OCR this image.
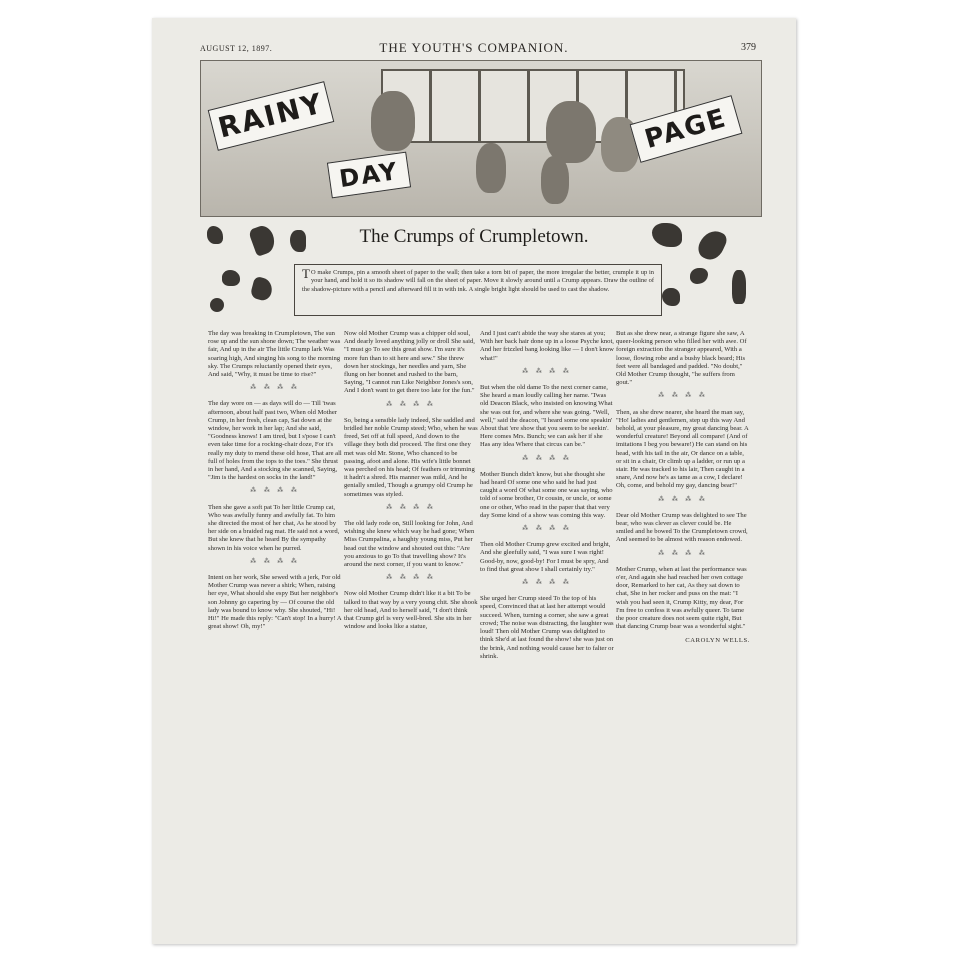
AUGUST 12, 1897.	THE YOUTH'S COMPANION.	379
RAINY
DAY
PAGE
The Crumps of Crumpletown.
T O make Crumps, pin a smooth sheet of paper to the wall; then take a torn bit of paper, the more irregular the better, crumple it up in your hand, and hold it so its shadow will fall on the sheet of paper. Move it slowly around until a Crump appears. Draw the outline of the shadow-picture with a pencil and afterward fill it in with ink. A single bright light should be used to cast the shadow.

The day was breaking in Crumpletown, The sun rose up and the sun shone down; The weather was fair, And up in the air The little Crump lark Was soaring high, And singing his song to the morning sky. The Crumps reluctantly opened their eyes, And said, "Why, it must be time to rise?"

⁂ ⁂ ⁂ ⁂

The day wore on — as days will do — Till 'twas afternoon, about half past two, When old Mother Crump, in her fresh, clean cap, Sat down at the window, her work in her lap; And she said, "Goodness knows! I am tired, but I s'pose I can't even take time for a rocking-chair doze, For it's really my duty to mend these old hose, That are all full of holes from the tops to the toes." She thrust in her hand, And a stocking she scanned, Saying, "Jim is the hardest on socks in the land!"

⁂ ⁂ ⁂ ⁂

Then she gave a soft pat To her little Crump cat, Who was awfully funny and awfully fat. To him she directed the most of her chat, As he stood by her side on a braided rag mat. He said not a word, But she knew that he heard By the sympathy shown in his voice when he purred.

⁂ ⁂ ⁂ ⁂

Intent on her work, She sewed with a jerk, For old Mother Crump was never a shirk; When, raising her eye, What should she espy But her neighbor's son Johnny go capering by — Of course the old lady was bound to know why. She shouted, "Hi! Hi!" He made this reply: "Can't stop! In a hurry! A great show! Oh, my!"

Now old Mother Crump was a chipper old soul, And dearly loved anything jolly or droll She said, "I must go To see this great show. I'm sure it's more fun than to sit here and sew." She threw down her stockings, her needles and yarn, She flung on her bonnet and rushed to the barn, Saying, "I cannot run Like Neighbor Jones's son, And I don't want to get there too late for the fun."

⁂ ⁂ ⁂ ⁂

So, being a sensible lady indeed, She saddled and bridled her noble Crump steed; Who, when he was freed, Set off at full speed, And down to the village they both did proceed. The first one they met was old Mr. Stone, Who chanced to be passing, afoot and alone. His wife's little bonnet was perched on his head; Of feathers or trimming it hadn't a shred. His manner was mild, And he genially smiled, Though a grumpy old Crump he sometimes was styled.

⁂ ⁂ ⁂ ⁂

The old lady rode on, Still looking for John, And wishing she knew which way he had gone; When Miss Crumpalina, a haughty young miss, Put her head out the window and shouted out this: "Are you anxious to go To that travelling show? It's around the next corner, if you want to know."

⁂ ⁂ ⁂ ⁂

Now old Mother Crump didn't like it a bit To be talked to that way by a very young chit. She shook her old head, And to herself said, "I don't think that Crump girl is very well-bred. She sits in her window and looks like a statue,

And I just can't abide the way she stares at you; With her back hair done up in a loose Psyche knot, And her frizzled bang looking like — I don't know what!"

⁂ ⁂ ⁂ ⁂

But when the old dame To the next corner came, She heard a man loudly calling her name. 'Twas old Deacon Black, who insisted on knowing What she was out for, and where she was going. "Well, well," said the deacon, "I heard some one speakin' About that 'ere show that you seem to be seekin'. Here comes Mrs. Bunch; we can ask her if she Has any idea Where that circus can be."

⁂ ⁂ ⁂ ⁂

Mother Bunch didn't know, but she thought she had heard Of some one who said he had just caught a word Of what some one was saying, who told of some brother, Or cousin, or uncle, or some one or other, Who read in the paper that that very day Some kind of a show was coming this way.

⁂ ⁂ ⁂ ⁂

Then old Mother Crump grew excited and bright, And she gleefully said, "I was sure I was right! Good-by, now, good-by! For I must be spry, And to find that great show I shall certainly try."

⁂ ⁂ ⁂ ⁂

She urged her Crump steed To the top of his speed, Convinced that at last her attempt would succeed. When, turning a corner, she saw a great crowd; The noise was distracting, the laughter was loud! Then old Mother Crump was delighted to think She'd at last found the show! she was just on the brink, And nothing would cause her to falter or shrink.

But as she drew near, a strange figure she saw, A queer-looking person who filled her with awe. Of foreign extraction the stranger appeared, With a loose, flowing robe and a bushy black beard; His feet were all bandaged and padded. "No doubt," Old Mother Crump thought, "he suffers from gout."

⁂ ⁂ ⁂ ⁂

Then, as she drew nearer, she heard the man say, "Ho! ladies and gentlemen, step up this way And behold, at your pleasure, my great dancing bear. A wonderful creature! Beyond all compare! (And of imitations I beg you beware!) He can stand on his head, with his tail in the air, Or dance on a table, or sit in a chair, Or climb up a ladder, or run up a stair. He was tracked to his lair, Then caught in a snare, And now he's as tame as a cow, I declare! Oh, come, and behold my gay, dancing bear!"

⁂ ⁂ ⁂ ⁂

Dear old Mother Crump was delighted to see The bear, who was clever as clever could be. He smiled and he bowed To the Crumpletown crowd, And seemed to be almost with reason endowed.

⁂ ⁂ ⁂ ⁂

Mother Crump, when at last the performance was o'er, And again she had reached her own cottage door, Remarked to her cat, As they sat down to chat, She in her rocker and puss on the mat: "I wish you had seen it, Crump Kitty, my dear, For I'm free to confess it was awfully queer. To tame the poor creature does not seem quite right, But that dancing Crump bear was a wonderful sight."

CAROLYN WELLS.
